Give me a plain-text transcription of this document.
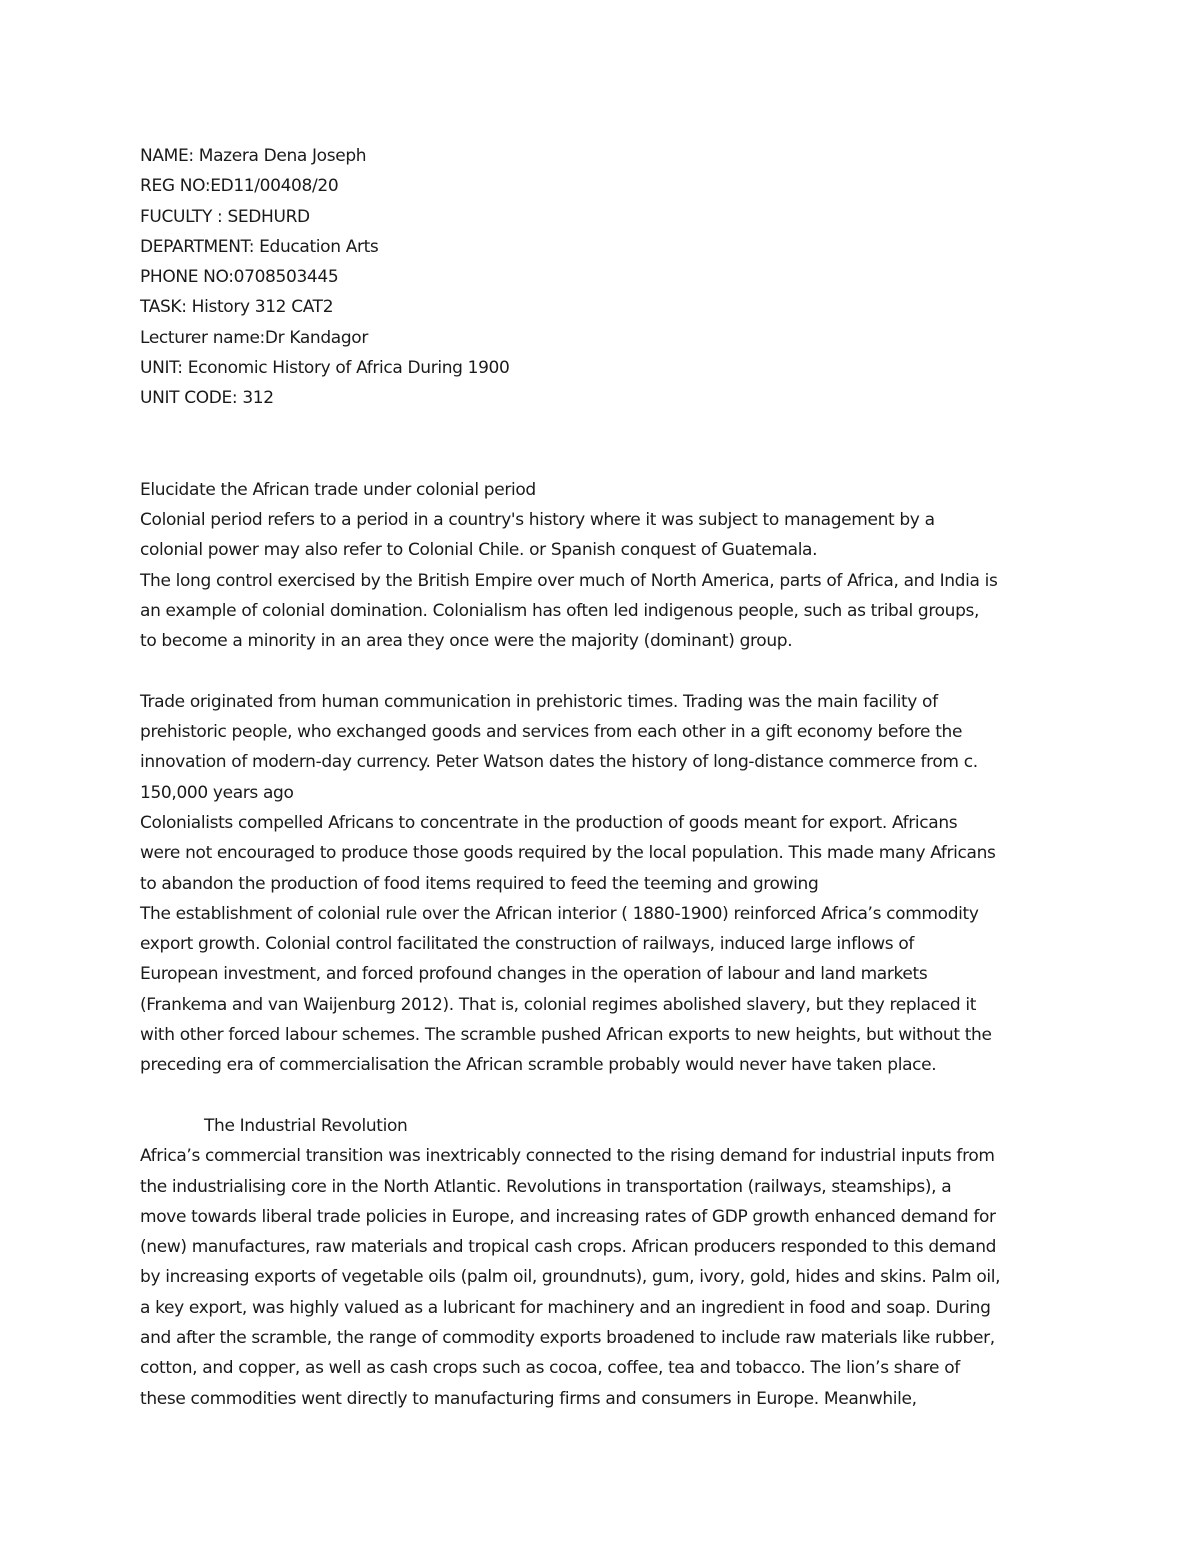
NAME: Mazera Dena Joseph
REG NO:ED11/00408/20
FUCULTY : SEDHURD
DEPARTMENT: Education Arts
PHONE NO:0708503445
TASK: History 312 CAT2
Lecturer name:Dr Kandagor
UNIT: Economic History of Africa During 1900
UNIT CODE: 312
Elucidate the African trade under colonial period
Colonial period refers to a period in a country's history where it was subject to management by a
colonial power may also refer to Colonial Chile. or Spanish conquest of Guatemala.
The long control exercised by the British Empire over much of North America, parts of Africa, and India is
an example of colonial domination. Colonialism has often led indigenous people, such as tribal groups,
to become a minority in an area they once were the majority (dominant) group.
Trade originated from human communication in prehistoric times. Trading was the main facility of
prehistoric people, who exchanged goods and services from each other in a gift economy before the
innovation of modern-day currency. Peter Watson dates the history of long-distance commerce from c.
150,000 years ago
Colonialists compelled Africans to concentrate in the production of goods meant for export. Africans
were not encouraged to produce those goods required by the local population. This made many Africans
to abandon the production of food items required to feed the teeming and growing
The establishment of colonial rule over the African interior ( 1880-1900) reinforced Africa’s commodity
export growth. Colonial control facilitated the construction of railways, induced large inflows of
European investment, and forced profound changes in the operation of labour and land markets
(Frankema and van Waijenburg 2012). That is, colonial regimes abolished slavery, but they replaced it
with other forced labour schemes. The scramble pushed African exports to new heights, but without the
preceding era of commercialisation the African scramble probably would never have taken place.
The Industrial Revolution
Africa’s commercial transition was inextricably connected to the rising demand for industrial inputs from
the industrialising core in the North Atlantic. Revolutions in transportation (railways, steamships), a
move towards liberal trade policies in Europe, and increasing rates of GDP growth enhanced demand for
(new) manufactures, raw materials and tropical cash crops. African producers responded to this demand
by increasing exports of vegetable oils (palm oil, groundnuts), gum, ivory, gold, hides and skins. Palm oil,
a key export, was highly valued as a lubricant for machinery and an ingredient in food and soap. During
and after the scramble, the range of commodity exports broadened to include raw materials like rubber,
cotton, and copper, as well as cash crops such as cocoa, coffee, tea and tobacco. The lion’s share of
these commodities went directly to manufacturing firms and consumers in Europe. Meanwhile,
